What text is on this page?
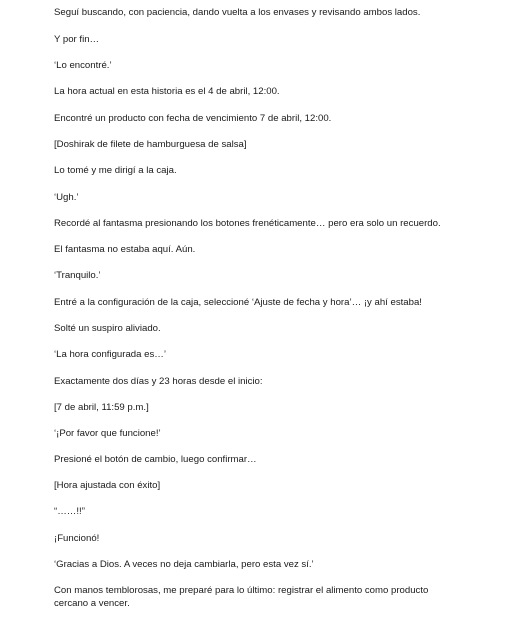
Seguí buscando, con paciencia, dando vuelta a los envases y revisando ambos lados.

Y por fin…

‘Lo encontré.’

La hora actual en esta historia es el 4 de abril, 12:00.

Encontré un producto con fecha de vencimiento 7 de abril, 12:00.

[Doshirak de filete de hamburguesa de salsa]

Lo tomé y me dirigí a la caja.

‘Ugh.’

Recordé al fantasma presionando los botones frenéticamente… pero era solo un recuerdo.

El fantasma no estaba aquí. Aún.

‘Tranquilo.’

Entré a la configuración de la caja, seleccioné ‘Ajuste de fecha y hora’… ¡y ahí estaba!

Solté un suspiro aliviado.

‘La hora configurada es…’

Exactamente dos días y 23 horas desde el inicio:

[7 de abril, 11:59 p.m.]

‘¡Por favor que funcione!’

Presioné el botón de cambio, luego confirmar…

[Hora ajustada con éxito]

“……!!”

¡Funcionó!

‘Gracias a Dios. A veces no deja cambiarla, pero esta vez sí.’

Con manos temblorosas, me preparé para lo último: registrar el alimento como producto cercano a vencer.
